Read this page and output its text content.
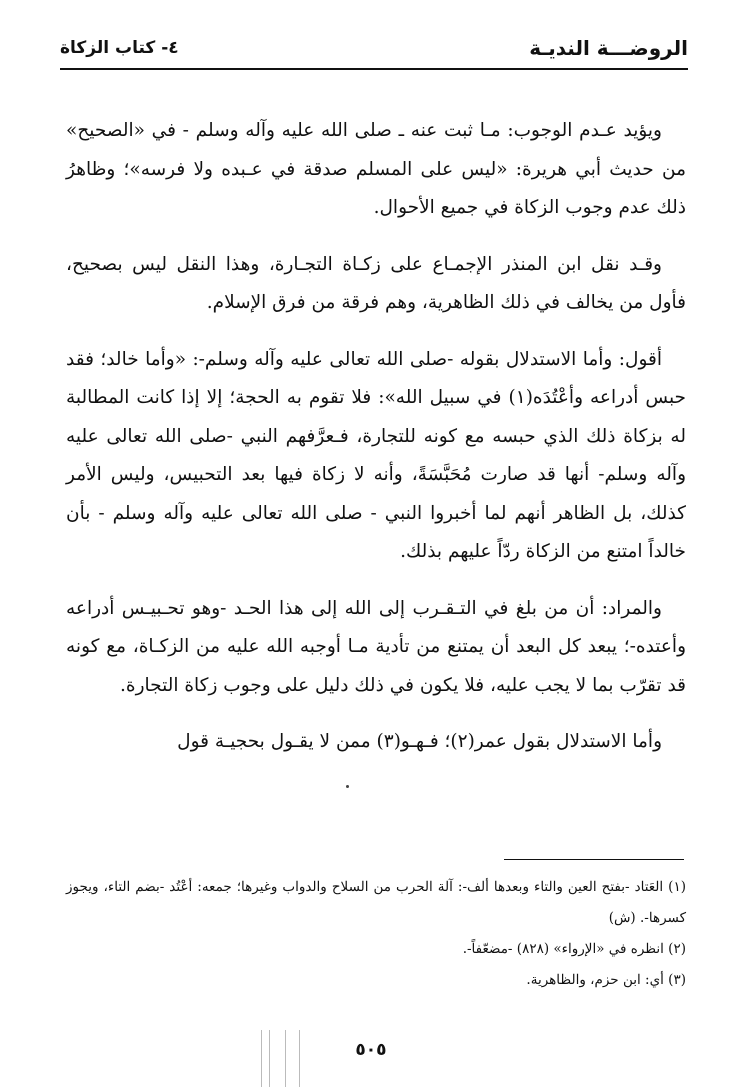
الروضـــة النديـة
٤- كتاب الزكاة

ويؤيد عـدم الوجوب: مـا ثبت عنه ـ صلى الله عليه وآله وسلم - في «الصحيح» من حديث أبي هريرة: «ليس على المسلم صدقة في عـبده ولا فرسه»؛ وظاهرُ ذلك عدم وجوب الزكاة في جميع الأحوال.

وقـد نقل ابن المنذر الإجمـاع على زكـاة التجـارة، وهذا النقل ليس بصحيح، فأول من يخالف في ذلك الظاهرية، وهم فرقة من فرق الإسلام.

أقول: وأما الاستدلال بقوله -صلى الله تعالى عليه وآله وسلم-: «وأما خالد؛ فقد حبس أدراعه وأعْتُدَه(١) في سبيل الله»: فلا تقوم به الحجة؛ إلا إذا كانت المطالبة له بزكاة ذلك الذي حبسه مع كونه للتجارة، فـعرَّفهم النبي -صلى الله تعالى عليه وآله وسلم- أنها قد صارت مُحَبَّسَةً، وأنه لا زكاة فيها بعد التحبيس، وليس الأمر كذلك، بل الظاهر أنهم لما أخبروا النبي - صلى الله تعالى عليه وآله وسلم - بأن خالداً امتنع من الزكاة ردّاً عليهم بذلك.

والمراد: أن من بلغ في التـقـرب إلى الله إلى هذا الحـد -وهو تحـبيـس أدراعه وأعتده-؛ يبعد كل البعد أن يمتنع من تأدية مـا أوجبه الله عليه من الزكـاة، مع كونه قد تقرّب بما لا يجب عليه، فلا يكون في ذلك دليل على وجوب زكاة التجارة.

وأما الاستدلال بقول عمر(٢)؛ فـهـو(٣) ممن لا يقـول بحجيـة قول

(١) العَتاد -بفتح العين والتاء وبعدها ألف-: آلة الحرب من السلاح والدواب وغيرها؛ جمعه: أعْتُد -بضم التاء، ويجوز كسرها-. (ش)
(٢) انظره في «الإرواء» (٨٢٨) -مضعّفاً-.
(٣) أي: ابن حزم، والظاهرية.
٥٠٥
